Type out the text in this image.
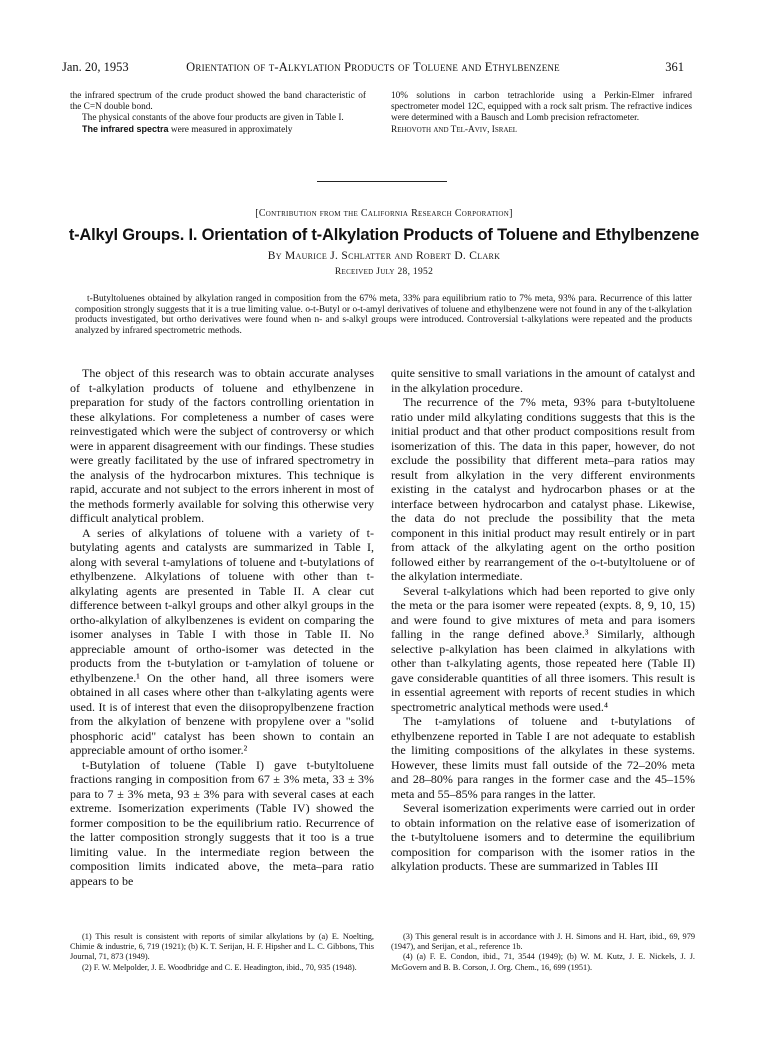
Jan. 20, 1953	Orientation of t-Alkylation Products of Toluene and Ethylbenzene	361

the infrared spectrum of the crude product showed the band characteristic of the C=N double bond.

The physical constants of the above four products are given in Table I.

The infrared spectra were measured in approximately

10% solutions in carbon tetrachloride using a Perkin-Elmer infrared spectrometer model 12C, equipped with a rock salt prism. The refractive indices were determined with a Bausch and Lomb precision refractometer.

Rehovoth and Tel-Aviv, Israel

[Contribution from the California Research Corporation]
t-Alkyl Groups. I. Orientation of t-Alkylation Products of Toluene and Ethylbenzene
By Maurice J. Schlatter and Robert D. Clark
Received July 28, 1952

t-Butyltoluenes obtained by alkylation ranged in composition from the 67% meta, 33% para equilibrium ratio to 7% meta, 93% para. Recurrence of this latter composition strongly suggests that it is a true limiting value. o-t-Butyl or o-t-amyl derivatives of toluene and ethylbenzene were not found in any of the t-alkylation products investigated, but ortho derivatives were found when n- and s-alkyl groups were introduced. Controversial t-alkylations were repeated and the products analyzed by infrared spectrometric methods.

The object of this research was to obtain accurate analyses of t-alkylation products of toluene and ethylbenzene in preparation for study of the factors controlling orientation in these alkylations. For completeness a number of cases were reinvestigated which were the subject of controversy or which were in apparent disagreement with our findings. These studies were greatly facilitated by the use of infrared spectrometry in the analysis of the hydrocarbon mixtures. This technique is rapid, accurate and not subject to the errors inherent in most of the methods formerly available for solving this otherwise very difficult analytical problem.

A series of alkylations of toluene with a variety of t-butylating agents and catalysts are summarized in Table I, along with several t-amylations of toluene and t-butylations of ethylbenzene. Alkylations of toluene with other than t-alkylating agents are presented in Table II. A clear cut difference between t-alkyl groups and other alkyl groups in the ortho-alkylation of alkylbenzenes is evident on comparing the isomer analyses in Table I with those in Table II. No appreciable amount of ortho-isomer was detected in the products from the t-butylation or t-amylation of toluene or ethylbenzene.¹ On the other hand, all three isomers were obtained in all cases where other than t-alkylating agents were used. It is of interest that even the diisopropylbenzene fraction from the alkylation of benzene with propylene over a "solid phosphoric acid" catalyst has been shown to contain an appreciable amount of ortho isomer.²

t-Butylation of toluene (Table I) gave t-butyltoluene fractions ranging in composition from 67 ± 3% meta, 33 ± 3% para to 7 ± 3% meta, 93 ± 3% para with several cases at each extreme. Isomerization experiments (Table IV) showed the former composition to be the equilibrium ratio. Recurrence of the latter composition strongly suggests that it too is a true limiting value. In the intermediate region between the composition limits indicated above, the meta–para ratio appears to be

quite sensitive to small variations in the amount of catalyst and in the alkylation procedure.

The recurrence of the 7% meta, 93% para t-butyltoluene ratio under mild alkylating conditions suggests that this is the initial product and that other product compositions result from isomerization of this. The data in this paper, however, do not exclude the possibility that different meta–para ratios may result from alkylation in the very different environments existing in the catalyst and hydrocarbon phases or at the interface between hydrocarbon and catalyst phase. Likewise, the data do not preclude the possibility that the meta component in this initial product may result entirely or in part from attack of the alkylating agent on the ortho position followed either by rearrangement of the o-t-butyltoluene or of the alkylation intermediate.

Several t-alkylations which had been reported to give only the meta or the para isomer were repeated (expts. 8, 9, 10, 15) and were found to give mixtures of meta and para isomers falling in the range defined above.³ Similarly, although selective p-alkylation has been claimed in alkylations with other than t-alkylating agents, those repeated here (Table II) gave considerable quantities of all three isomers. This result is in essential agreement with reports of recent studies in which spectrometric analytical methods were used.⁴

The t-amylations of toluene and t-butylations of ethylbenzene reported in Table I are not adequate to establish the limiting compositions of the alkylates in these systems. However, these limits must fall outside of the 72–20% meta and 28–80% para ranges in the former case and the 45–15% meta and 55–85% para ranges in the latter.

Several isomerization experiments were carried out in order to obtain information on the relative ease of isomerization of the t-butyltoluene isomers and to determine the equilibrium composition for comparison with the isomer ratios in the alkylation products. These are summarized in Tables III

(1) This result is consistent with reports of similar alkylations by (a) E. Noelting, Chimie & industrie, 6, 719 (1921); (b) K. T. Serijan, H. F. Hipsher and L. C. Gibbons, This Journal, 71, 873 (1949).

(2) F. W. Melpolder, J. E. Woodbridge and C. E. Headington, ibid., 70, 935 (1948).

(3) This general result is in accordance with J. H. Simons and H. Hart, ibid., 69, 979 (1947), and Serijan, et al., reference 1b.

(4) (a) F. E. Condon, ibid., 71, 3544 (1949); (b) W. M. Kutz, J. E. Nickels, J. J. McGovern and B. B. Corson, J. Org. Chem., 16, 699 (1951).
